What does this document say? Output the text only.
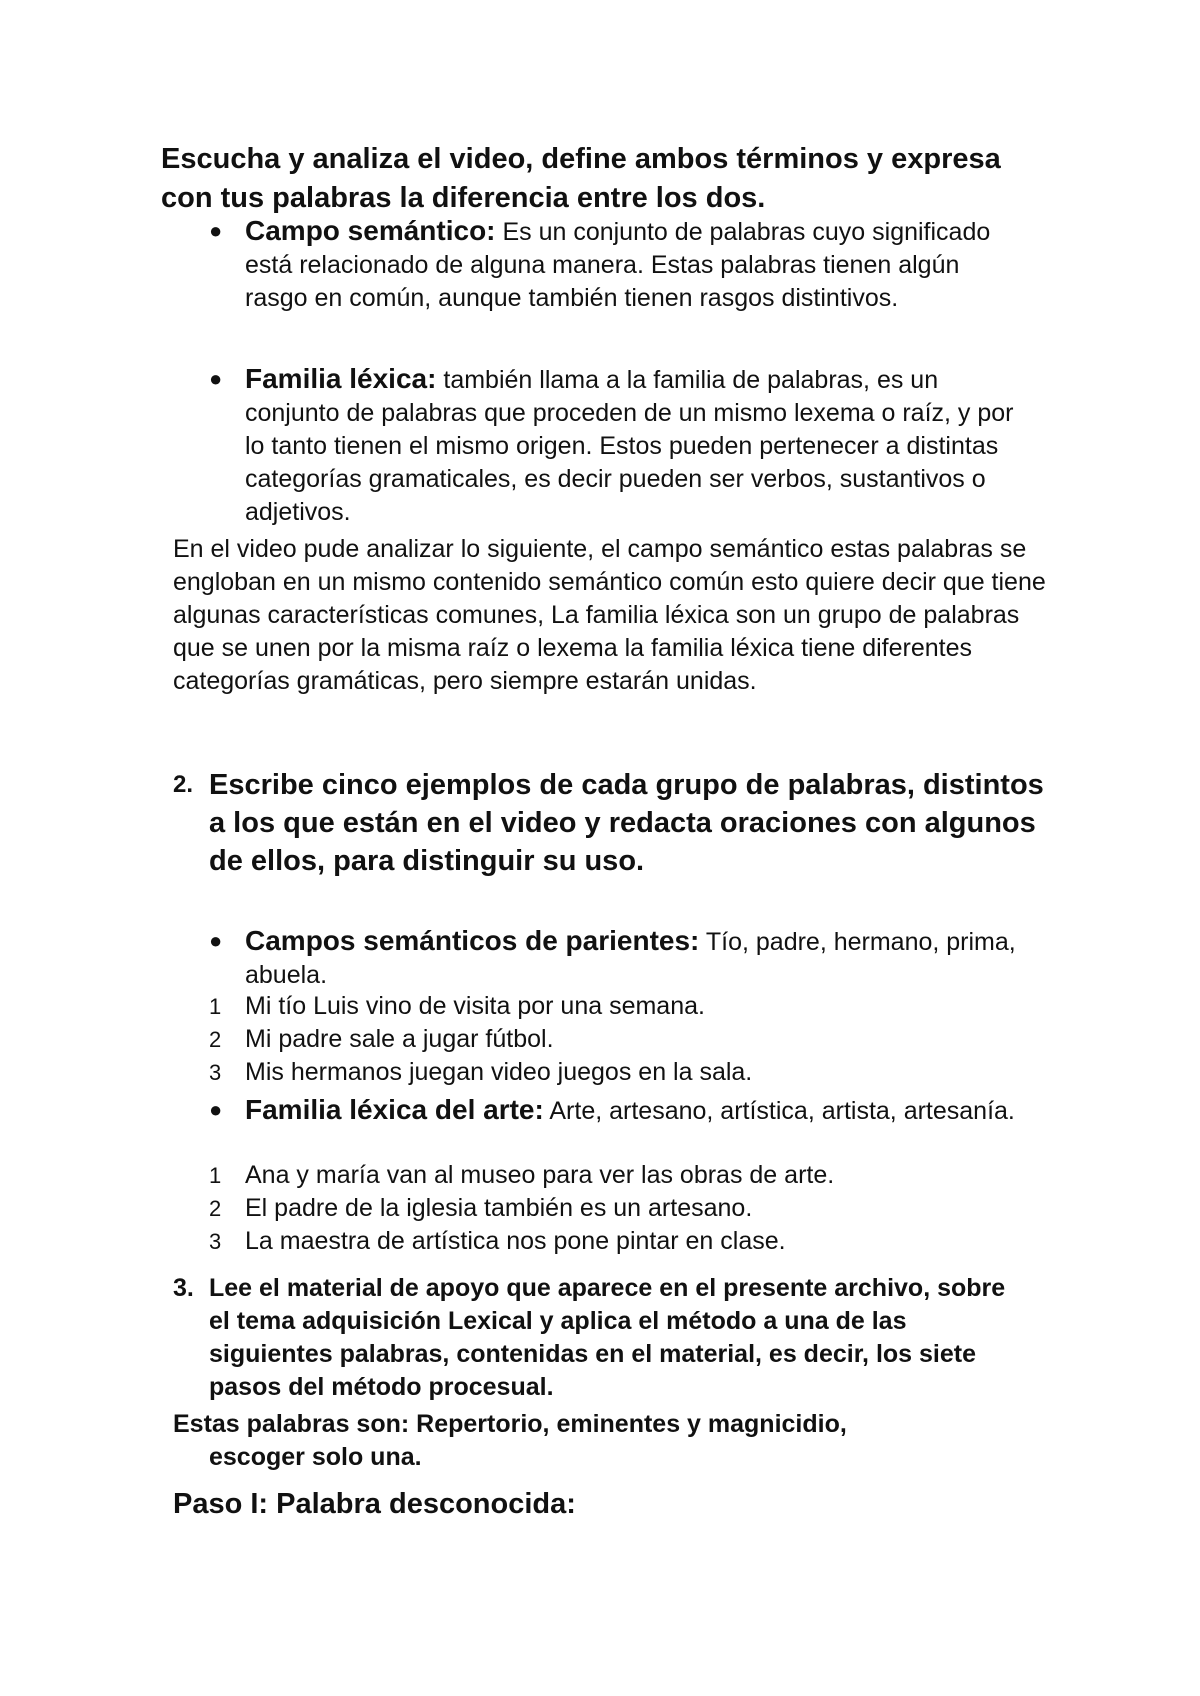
Escucha y analiza el video, define ambos términos y expresa con tus palabras la diferencia entre los dos.
● Campo semántico: Es un conjunto de palabras cuyo significado está relacionado de alguna manera. Estas palabras tienen algún rasgo en común, aunque también tienen rasgos distintivos.
● Familia léxica: también llama a la familia de palabras, es un conjunto de palabras que proceden de un mismo lexema o raíz, y por lo tanto tienen el mismo origen. Estos pueden pertenecer a distintas categorías gramaticales, es decir pueden ser verbos, sustantivos o adjetivos.
En el video pude analizar lo siguiente, el campo semántico estas palabras se engloban en un mismo contenido semántico común esto quiere decir que tiene algunas características comunes, La familia léxica son un grupo de palabras que se unen por la misma raíz o lexema la familia léxica tiene diferentes categorías gramáticas, pero siempre estarán unidas.
2. Escribe cinco ejemplos de cada grupo de palabras, distintos a los que están en el video y redacta oraciones con algunos de ellos, para distinguir su uso.
● Campos semánticos de parientes: Tío, padre, hermano, prima, abuela.
1 Mi tío Luis vino de visita por una semana.
2 Mi padre sale a jugar fútbol.
3 Mis hermanos juegan video juegos en la sala.
● Familia léxica del arte: Arte, artesano, artística, artista, artesanía.
1 Ana y maría van al museo para ver las obras de arte.
2 El padre de la iglesia también es un artesano.
3 La maestra de artística nos pone pintar en clase.
3. Lee el material de apoyo que aparece en el presente archivo, sobre el tema adquisición Lexical y aplica el método a una de las siguientes palabras, contenidas en el material, es decir, los siete pasos del método procesual.
Estas palabras son: Repertorio, eminentes y magnicidio,
escoger solo una.
Paso I: Palabra desconocida:
